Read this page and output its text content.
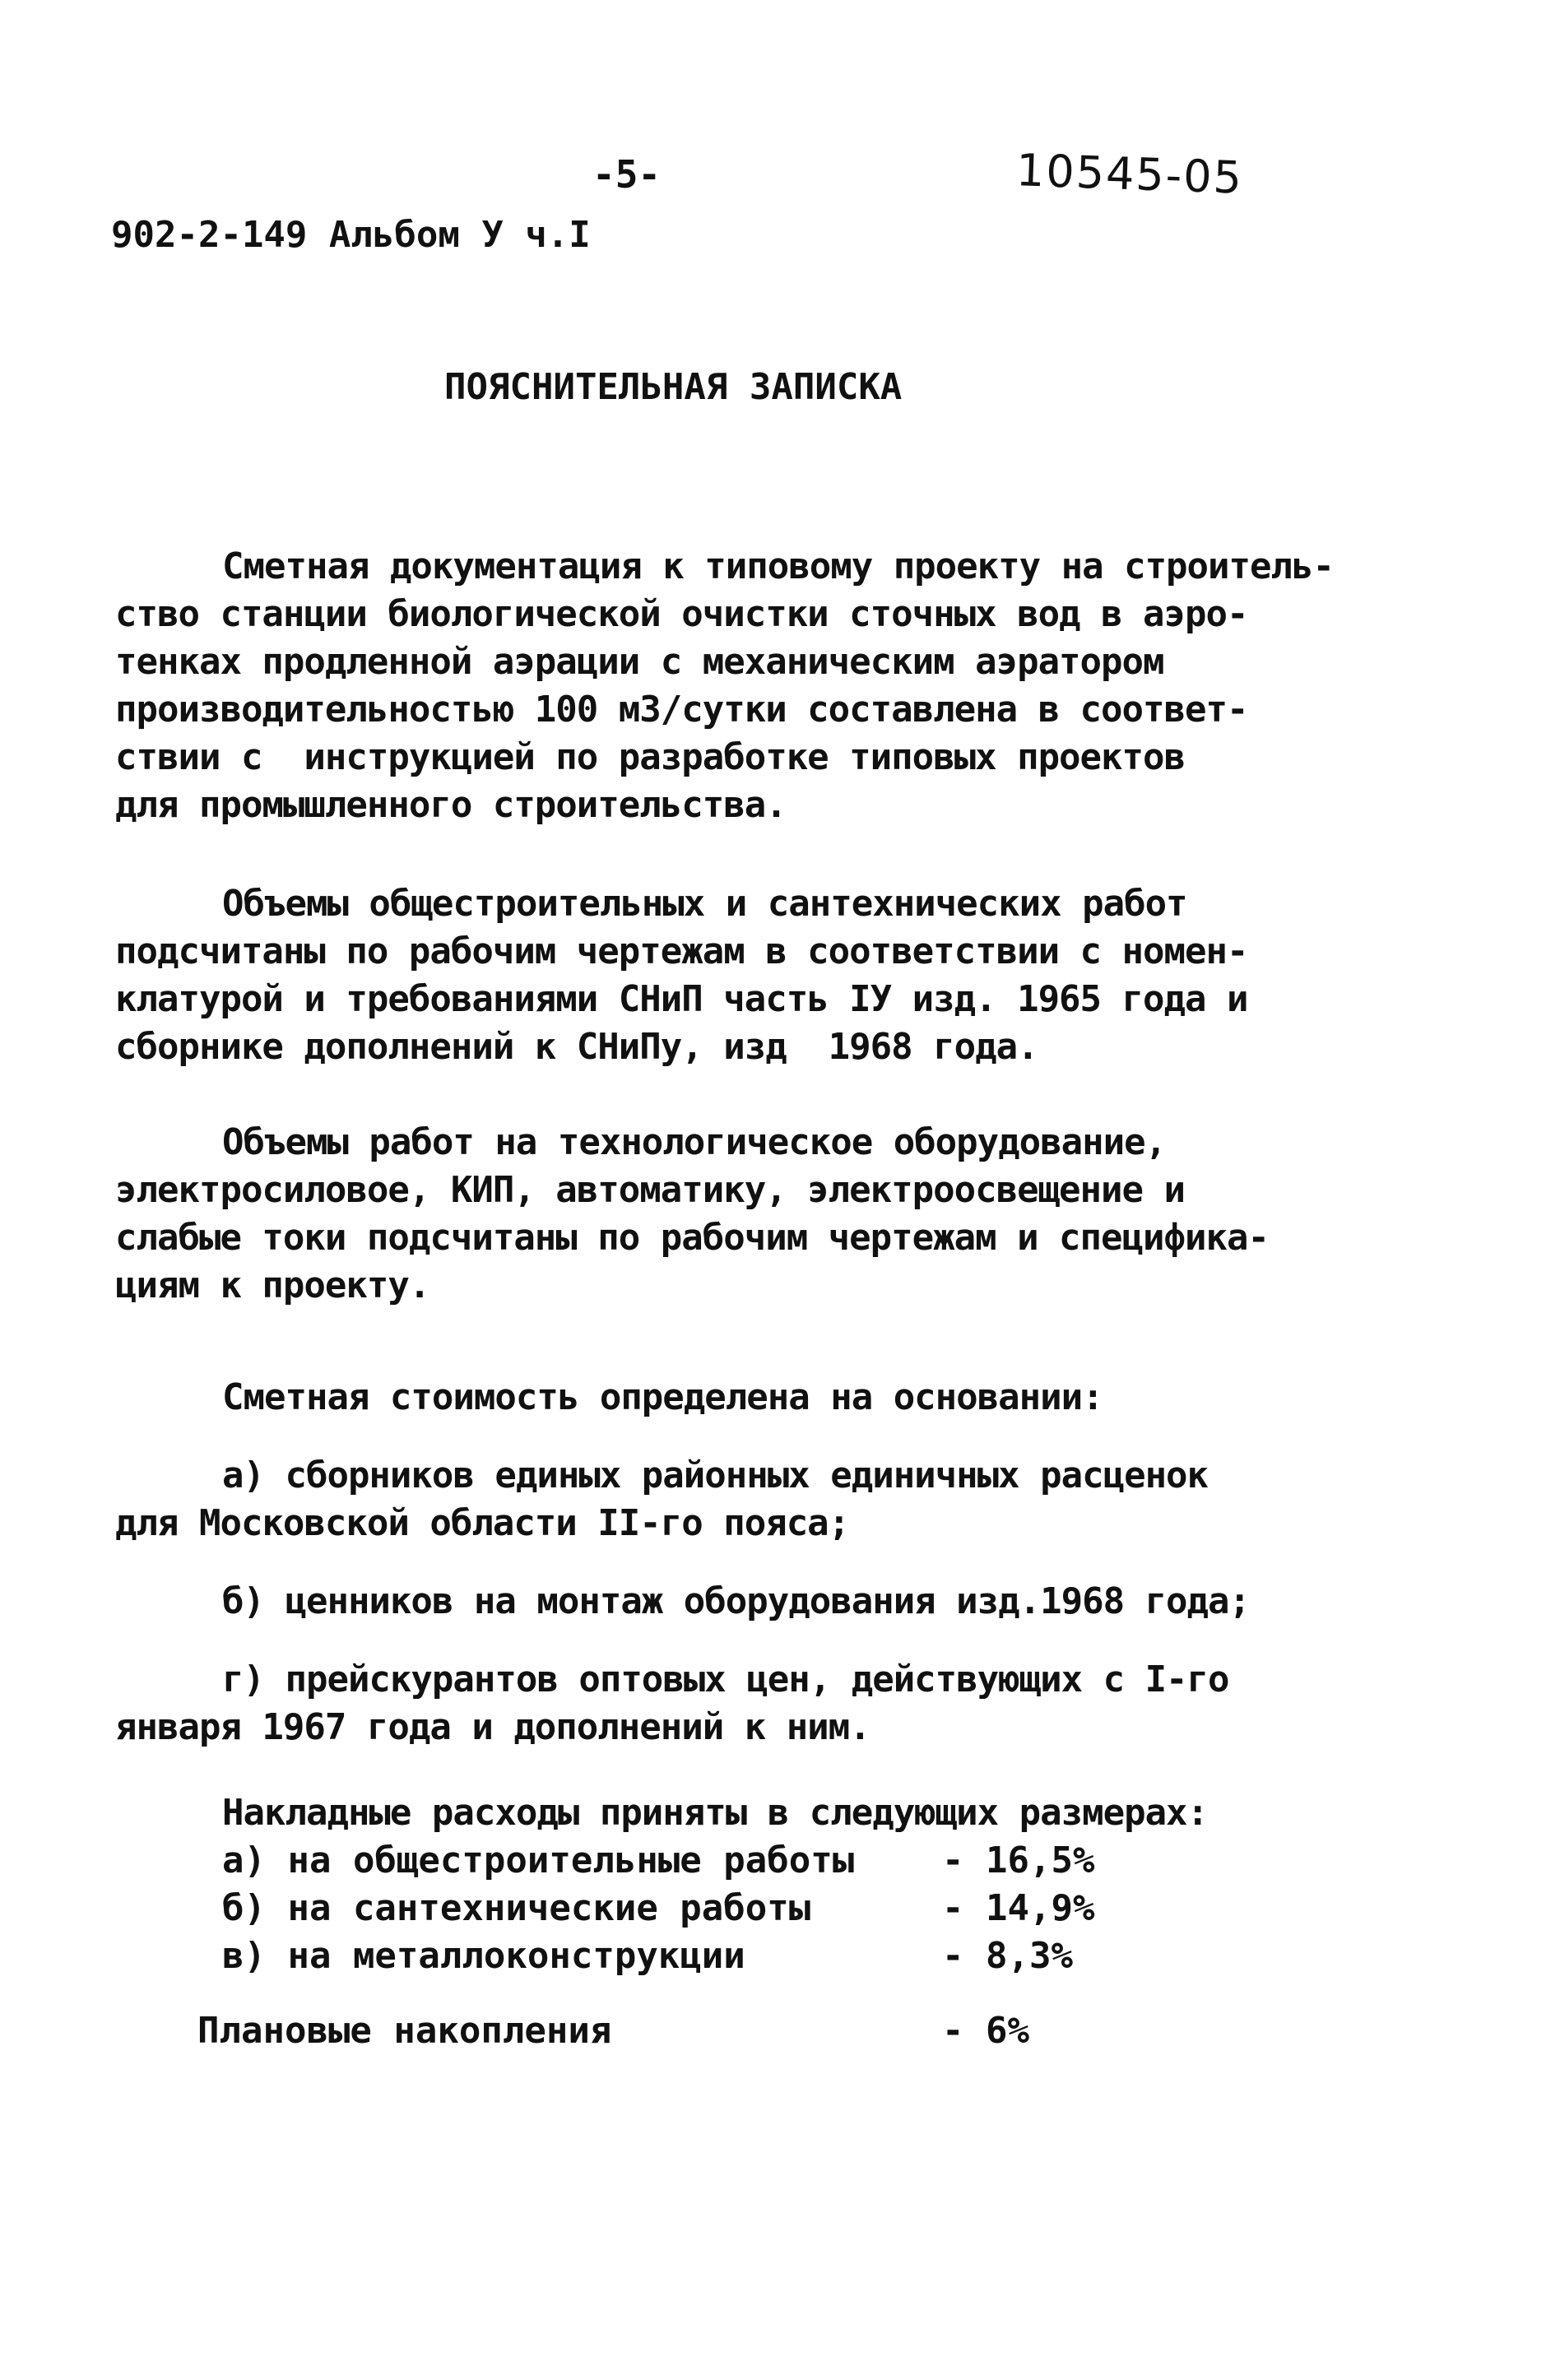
-5-	10545-05
902-2-149 Альбом У ч.I
ПОЯСНИТЕЛЬНАЯ ЗАПИСКА
Сметная документация к типовому проекту на строитель-
ство станции биологической очистки сточных вод в аэро-
тенках продленной аэрации с механическим аэратором
производительностью 100 м3/сутки составлена в соответ-
ствии с  инструкцией по разработке типовых проектов
для промышленного строительства.
Объемы общестроительных и сантехнических работ
подсчитаны по рабочим чертежам в соответствии с номен-
клатурой и требованиями СНиП часть IУ изд. 1965 года и
сборнике дополнений к СНиПу, изд  1968 года.
Объемы работ на технологическое оборудование,
электросиловое, КИП, автоматику, электроосвещение и
слабые токи подсчитаны по рабочим чертежам и специфика-
циям к проекту.
Сметная стоимость определена на основании:
а) сборников единых районных единичных расценок
для Московской области II-го пояса;
б) ценников на монтаж оборудования изд.1968 года;
г) прейскурантов оптовых цен, действующих с I-го
января 1967 года и дополнений к ним.
Накладные расходы приняты в следующих размерах:
а) на общестроительные работы - 16,5%
б) на сантехнические работы	- 14,9%
в) на металлоконструкции	- 8,3%
Плановые накопления	- 6%
